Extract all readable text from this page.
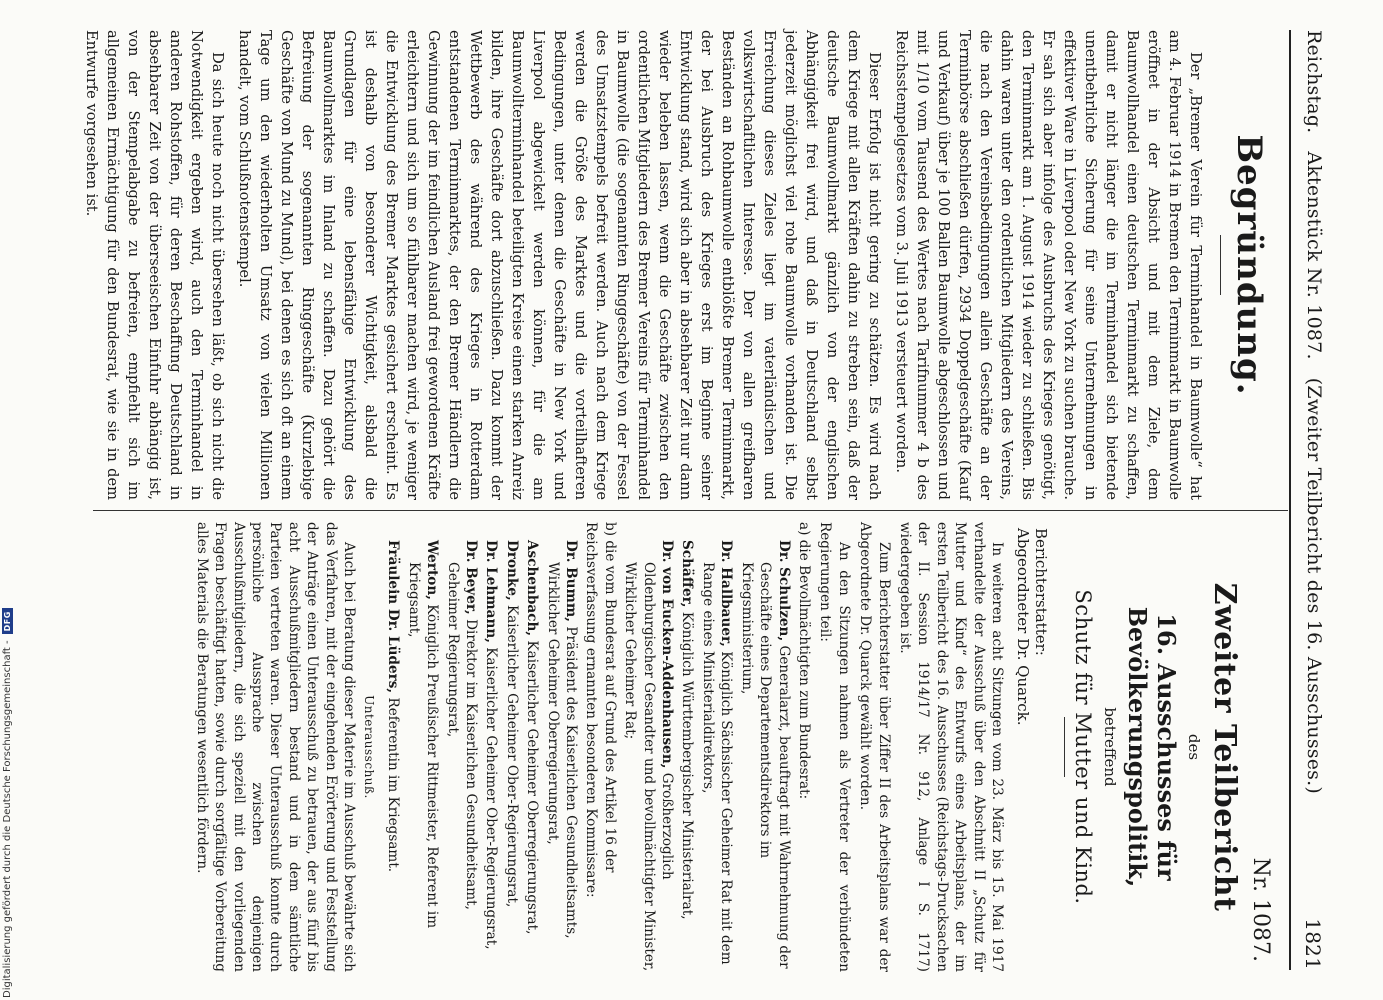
Reichstag.
Aktenstück Nr. 1087.
(Zweiter Teilbericht des 16. Ausschusses.)
1821
Begründung.

Der „Bremer Verein für Terminhandel in Baumwolle“ hat am 4. Februar 1914 in Bremen den Terminmarkt in Baumwolle eröffnet in der Absicht und mit dem Ziele, dem Baumwollhandel einen deutschen Terminmarkt zu schaffen, damit er nicht länger die im Terminhandel sich bietende unentbehrliche Sicherung für seine Unternehmungen in effektiver Ware in Liverpool oder New York zu suchen brauche. Er sah sich aber infolge des Ausbruchs des Krieges genötigt, den Terminmarkt am 1. August 1914 wieder zu schließen. Bis dahin waren unter den ordentlichen Mitgliedern des Vereins, die nach den Vereinsbedingungen allein Geschäfte an der Terminbörse abschließen dürfen, 2934 Doppelgeschäfte (Kauf und Verkauf) über je 100 Ballen Baumwolle abgeschlossen und mit 1/10 vom Tausend des Wertes nach Tarifnummer 4 b des Reichsstempelgesetzes vom 3. Juli 1913 versteuert worden.

Dieser Erfolg ist nicht gering zu schätzen. Es wird nach dem Kriege mit allen Kräften dahin zu streben sein, daß der deutsche Baumwollmarkt gänzlich von der englischen Abhängigkeit frei wird, und daß in Deutschland selbst jederzeit möglichst viel rohe Baumwolle vorhanden ist. Die Erreichung dieses Zieles liegt im vaterländischen und volkswirtschaftlichen Interesse. Der von allen greifbaren Beständen an Rohbaumwolle entblößte Bremer Terminmarkt, der bei Ausbruch des Krieges erst im Beginne seiner Entwicklung stand, wird sich aber in absehbarer Zeit nur dann wieder beleben lassen, wenn die Geschäfte zwischen den ordentlichen Mitgliedern des Bremer Vereins für Terminhandel in Baumwolle (die sogenannten Ringgeschäfte) von der Fessel des Umsatzstempels befreit werden. Auch nach dem Kriege werden die Größe des Marktes und die vorteilhafteren Bedingungen, unter denen die Geschäfte in New York und Liverpool abgewickelt werden können, für die am Baumwollterminhandel beteiligten Kreise einen starken Anreiz bilden, ihre Geschäfte dort abzuschließen. Dazu kommt der Wettbewerb des während des Krieges in Rotterdam entstandenen Terminmarktes, der den Bremer Händlern die Gewinnung der im feindlichen Ausland frei gewordenen Kräfte erleichtern und sich um so fühlbarer machen wird, je weniger die Entwicklung des Bremer Marktes gesichert erscheint. Es ist deshalb von besonderer Wichtigkeit, alsbald die Grundlagen für eine lebensfähige Entwicklung des Baumwollmarktes im Inland zu schaffen. Dazu gehört die Befreiung der sogenannten Ringgeschäfte (Kurzlebige Geschäfte von Mund zu Mund), bei denen es sich oft an einem Tage um den wiederholten Umsatz von vielen Millionen handelt, vom Schlußnotenstempel.

Da sich heute noch nicht übersehen läßt, ob sich nicht die Notwendigkeit ergeben wird, auch den Terminhandel in anderen Rohstoffen, für deren Beschaffung Deutschland in absehbarer Zeit von der überseeischen Einfuhr abhängig ist, von der Stempelabgabe zu befreien, empfiehlt sich im allgemeinen Ermächtigung für den Bundesrat, wie sie in dem Entwurfe vorgesehen ist.

Nr. 1087.
Zweiter Teilbericht
des
16. Ausschusses für Bevölkerungspolitik,
betreffend
Schutz für Mutter und Kind.
Berichterstatter:
Abgeordneter Dr. Quarck.

In weiteren acht Sitzungen vom 23. März bis 15. Mai 1917 verhandelte der Ausschuß über den Abschnitt II „Schutz für Mutter und Kind“ des Entwurfs eines Arbeitsplans, der im ersten Teilbericht des 16. Ausschusses (Reichstags-Drucksachen der II. Session 1914/17 Nr. 912, Anlage I S. 1717) wiedergegeben ist.

Zum Berichterstatter über Ziffer II des Arbeitsplans war der Abgeordnete Dr. Quarck gewählt worden.

An den Sitzungen nahmen als Vertreter der verbündeten Regierungen teil:

a) die Bevollmächtigten zum Bundesrat:
Dr. Schulzen, Generalarzt, beauftragt mit Wahrnehmung der Geschäfte eines Departementsdirektors im Kriegsministerium,
Dr. Hallbauer, Königlich Sächsischer Geheimer Rat mit dem Range eines Ministerialdirektors,
Schäffer, Königlich Württembergischer Ministerialrat,
Dr. von Eucken-Addenhausen, Großherzoglich Oldenburgischer Gesandter und bevollmächtigter Minister, Wirklicher Geheimer Rat;
b) die vom Bundesrat auf Grund des Artikel 16 der Reichsverfassung ernannten besonderen Kommissare:
Dr. Bumm, Präsident des Kaiserlichen Gesundheitsamts, Wirklicher Geheimer Oberregierungsrat,
Aschenbach, Kaiserlicher Geheimer Oberregierungsrat,
Dronke, Kaiserlicher Geheimer Ober-Regierungsrat,
Dr. Lehmann, Kaiserlicher Geheimer Ober-Regierungsrat,
Dr. Beyer, Direktor im Kaiserlichen Gesundheitsamt, Geheimer Regierungsrat,
Werton, Königlich Preußischer Rittmeister, Referent im Kriegsamt,
Fräulein Dr. Lüders, Referentin im Kriegsamt.
Unterausschuß.

Auch bei Beratung dieser Materie im Ausschuß bewährte sich das Verfahren, mit der eingehenden Erörterung und Feststellung der Anträge einen Unterausschuß zu betrauen, der aus fünf bis acht Ausschußmitgliedern bestand und in dem sämtliche Parteien vertreten waren. Dieser Unterausschuß konnte durch persönliche Aussprache zwischen denjenigen Ausschußmitgliedern, die sich speziell mit den vorliegenden Fragen beschäftigt hatten, sowie durch sorgfältige Vorbereitung alles Materials die Beratungen wesentlich fördern.

Digitalisierung gefördert durch die Deutsche Forschungsgemeinschaft -
DFG
